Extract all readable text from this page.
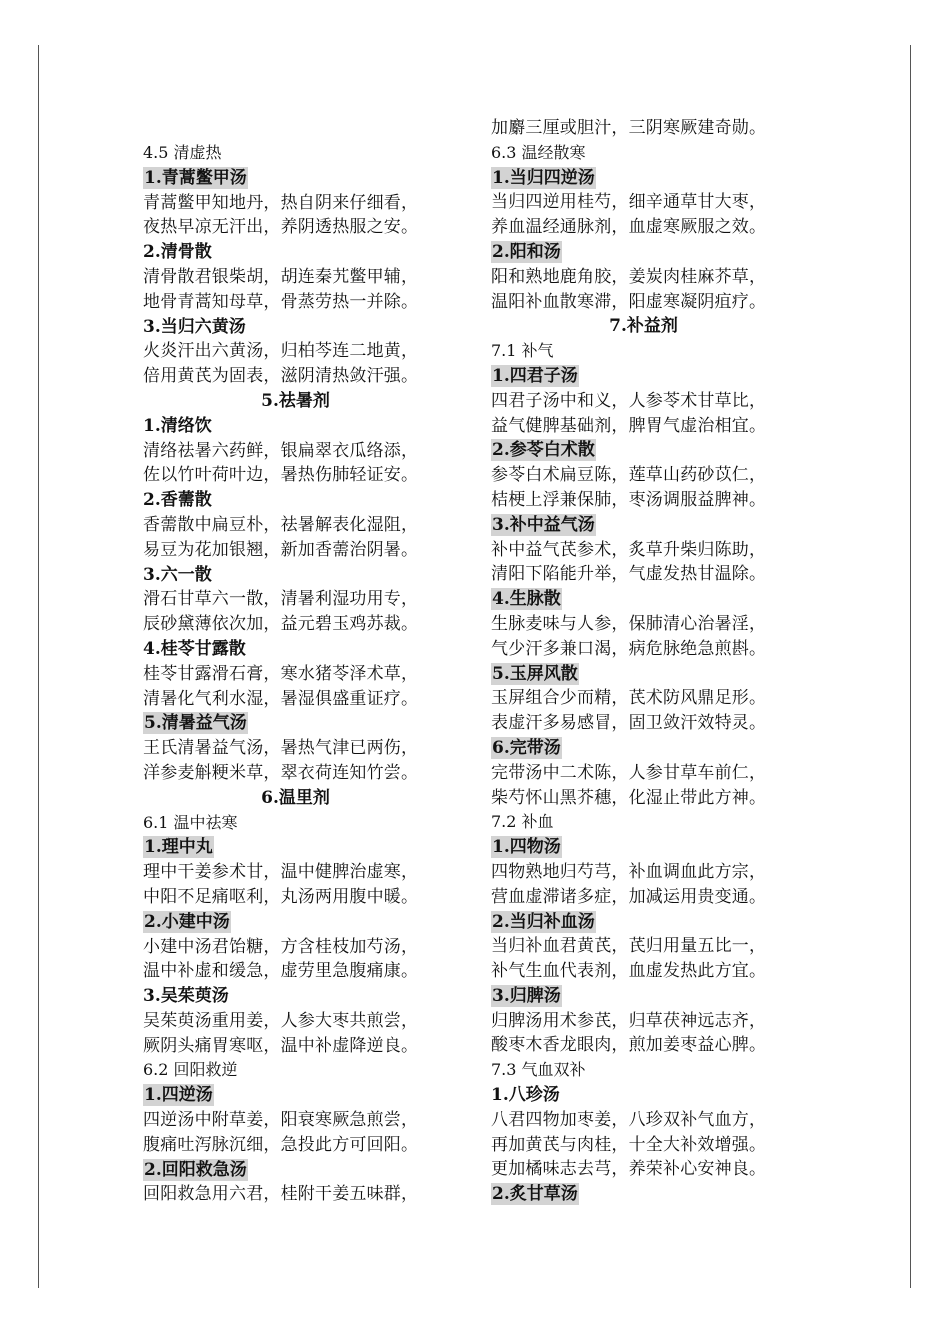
4.5 清虚热
1.青蒿鳖甲汤
青蒿鳖甲知地丹，热自阴来仔细看，
夜热早凉无汗出，养阴透热服之安。
2.清骨散
清骨散君银柴胡，胡连秦艽鳖甲辅，
地骨青蒿知母草，骨蒸劳热一并除。
3.当归六黄汤
火炎汗出六黄汤，归柏芩连二地黄，
倍用黄芪为固表，滋阴清热敛汗强。
5.祛暑剂
1.清络饮
清络祛暑六药鲜，银扁翠衣瓜络添，
佐以竹叶荷叶边，暑热伤肺轻证安。
2.香薷散
香薷散中扁豆朴，祛暑解表化湿阻，
易豆为花加银翘，新加香薷治阴暑。
3.六一散
滑石甘草六一散，清暑利湿功用专，
辰砂黛薄依次加，益元碧玉鸡苏裁。
4.桂苓甘露散
桂苓甘露滑石膏，寒水猪苓泽术草，
清暑化气利水湿，暑湿俱盛重证疗。
5.清暑益气汤
王氏清暑益气汤，暑热气津已两伤，
洋参麦斛粳米草，翠衣荷连知竹尝。
6.温里剂
6.1 温中祛寒
1.理中丸
理中干姜参术甘，温中健脾治虚寒，
中阳不足痛呕利，丸汤两用腹中暖。
2.小建中汤
小建中汤君饴糖，方含桂枝加芍汤，
温中补虚和缓急，虚劳里急腹痛康。
3.吴茱萸汤
吴茱萸汤重用姜，人参大枣共煎尝，
厥阴头痛胃寒呕，温中补虚降逆良。
6.2 回阳救逆
1.四逆汤
四逆汤中附草姜，阳衰寒厥急煎尝，
腹痛吐泻脉沉细，急投此方可回阳。
2.回阳救急汤
回阳救急用六君，桂附干姜五味群，
加麝三厘或胆汁，三阴寒厥建奇勋。
6.3 温经散寒
1.当归四逆汤
当归四逆用桂芍，细辛通草甘大枣，
养血温经通脉剂，血虚寒厥服之效。
2.阳和汤
阳和熟地鹿角胶，姜炭肉桂麻芥草，
温阳补血散寒滞，阳虚寒凝阴疽疗。
7.补益剂
7.1 补气
1.四君子汤
四君子汤中和义，人参苓术甘草比，
益气健脾基础剂，脾胃气虚治相宜。
2.参苓白术散
参苓白术扁豆陈，莲草山药砂苡仁，
桔梗上浮兼保肺，枣汤调服益脾神。
3.补中益气汤
补中益气芪参术，炙草升柴归陈助，
清阳下陷能升举，气虚发热甘温除。
4.生脉散
生脉麦味与人参，保肺清心治暑淫，
气少汗多兼口渴，病危脉绝急煎斟。
5.玉屏风散
玉屏组合少而精，芪术防风鼎足形。
表虚汗多易感冒，固卫敛汗效特灵。
6.完带汤
完带汤中二术陈，人参甘草车前仁，
柴芍怀山黑芥穗，化湿止带此方神。
7.2 补血
1.四物汤
四物熟地归芍芎，补血调血此方宗，
营血虚滞诸多症，加减运用贵变通。
2.当归补血汤
当归补血君黄芪，芪归用量五比一，
补气生血代表剂，血虚发热此方宜。
3.归脾汤
归脾汤用术参芪，归草茯神远志齐，
酸枣木香龙眼肉，煎加姜枣益心脾。
7.3 气血双补
1.八珍汤
八君四物加枣姜，八珍双补气血方，
再加黄芪与肉桂，十全大补效增强。
更加橘味志去芎，养荣补心安神良。
2.炙甘草汤
